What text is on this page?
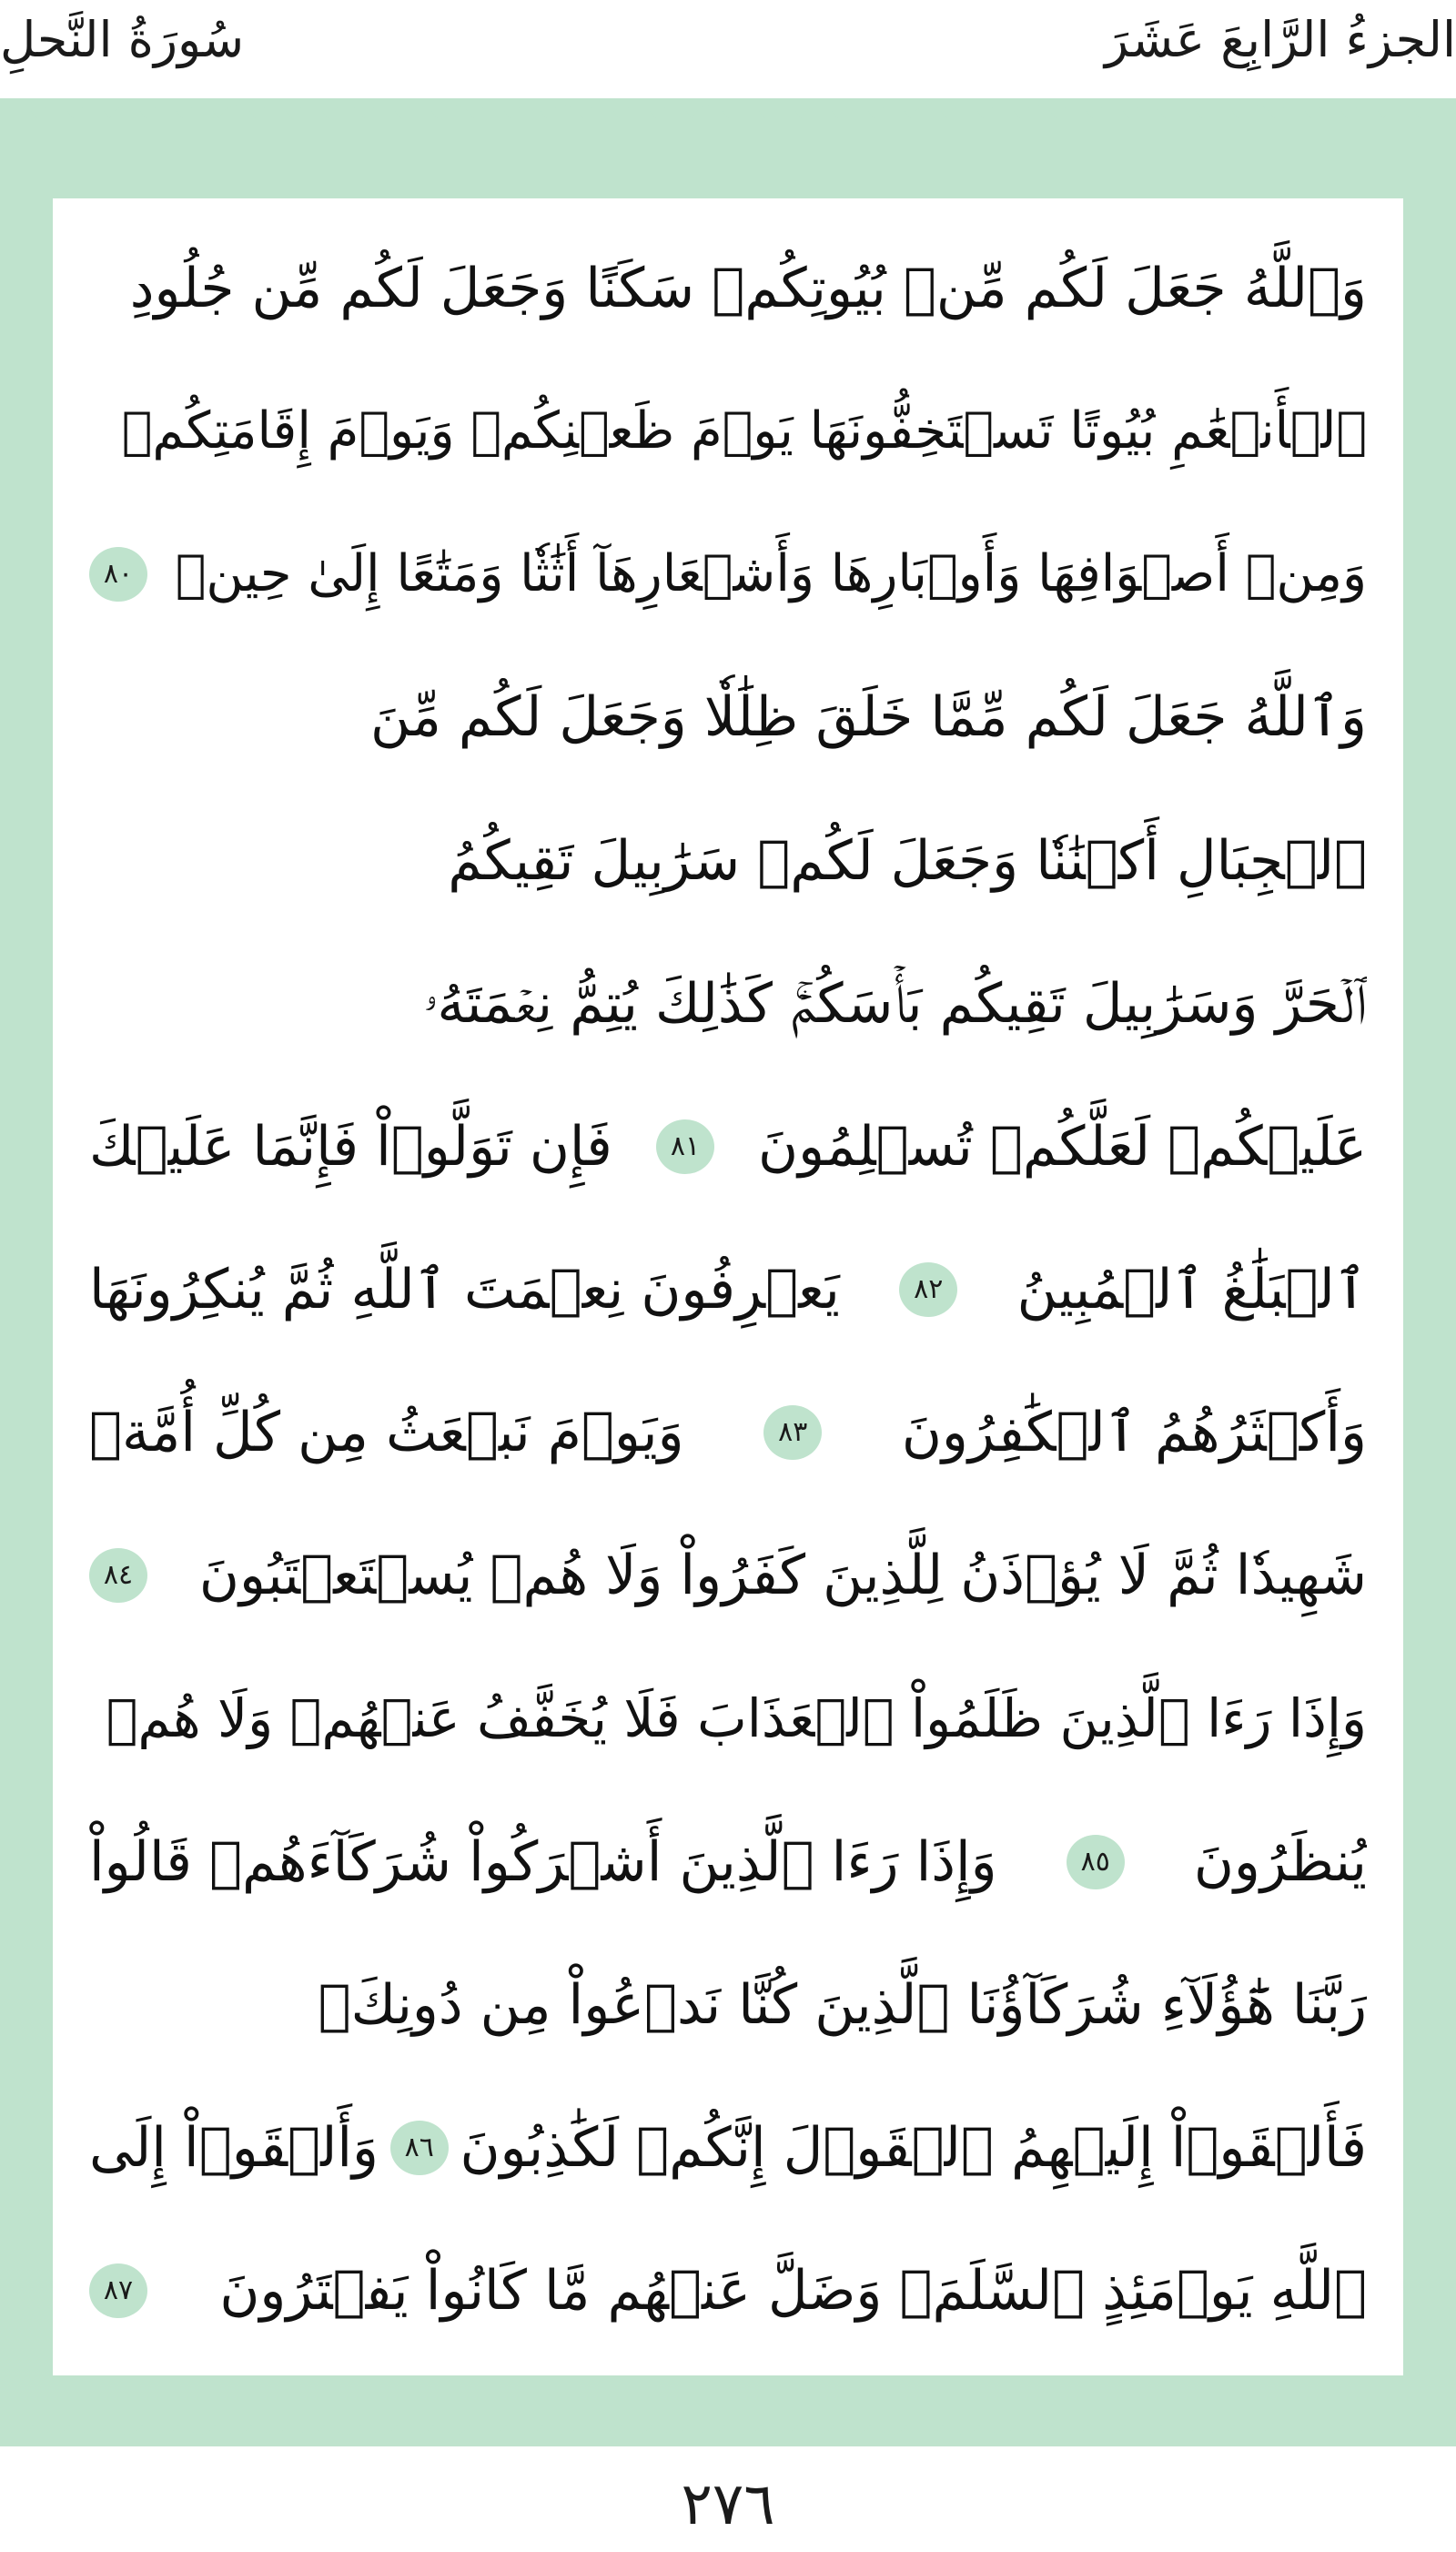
سُورَةُ النَّحلِ	الجزءُ الرَّابِعَ عَشَرَ
وَٱللَّهُ جَعَلَ لَكُم مِّنۢ بُيُوتِكُمۡ سَكَنًا وَجَعَلَ لَكُم مِّن جُلُودِ
ٱلۡأَنۡعَٰمِ بُيُوتًا تَسۡتَخِفُّونَهَا يَوۡمَ ظَعۡنِكُمۡ وَيَوۡمَ إِقَامَتِكُمۡ
وَمِنۡ أَصۡوَافِهَا وَأَوۡبَارِهَا وَأَشۡعَارِهَآ أَثَٰثٗا وَمَتَٰعًا إِلَىٰ حِينٖ
٨٠
وَٱللَّهُ جَعَلَ لَكُم مِّمَّا خَلَقَ ظِلَٰلٗا وَجَعَلَ لَكُم مِّنَ
ٱلۡجِبَالِ أَكۡنَٰنٗا وَجَعَلَ لَكُمۡ سَرَٰبِيلَ تَقِيكُمُ
ٱلۡحَرَّ وَسَرَٰبِيلَ تَقِيكُم بَأۡسَكُمۡۚ كَذَٰلِكَ يُتِمُّ نِعۡمَتَهُۥ
عَلَيۡكُمۡ لَعَلَّكُمۡ تُسۡلِمُونَ
٨١
فَإِن تَوَلَّوۡاْ فَإِنَّمَا عَلَيۡكَ
ٱلۡبَلَٰغُ ٱلۡمُبِينُ
٨٢
يَعۡرِفُونَ نِعۡمَتَ ٱللَّهِ ثُمَّ يُنكِرُونَهَا
وَأَكۡثَرُهُمُ ٱلۡكَٰفِرُونَ
٨٣
وَيَوۡمَ نَبۡعَثُ مِن كُلِّ أُمَّةٖ
شَهِيدٗا ثُمَّ لَا يُؤۡذَنُ لِلَّذِينَ كَفَرُواْ وَلَا هُمۡ يُسۡتَعۡتَبُونَ
٨٤
وَإِذَا رَءَا ٱلَّذِينَ ظَلَمُواْ ٱلۡعَذَابَ فَلَا يُخَفَّفُ عَنۡهُمۡ وَلَا هُمۡ
يُنظَرُونَ
٨٥
وَإِذَا رَءَا ٱلَّذِينَ أَشۡرَكُواْ شُرَكَآءَهُمۡ قَالُواْ
رَبَّنَا هَٰٓؤُلَآءِ شُرَكَآؤُنَا ٱلَّذِينَ كُنَّا نَدۡعُواْ مِن دُونِكَۖ
فَأَلۡقَوۡاْ إِلَيۡهِمُ ٱلۡقَوۡلَ إِنَّكُمۡ لَكَٰذِبُونَ
٨٦
وَأَلۡقَوۡاْ إِلَى
ٱللَّهِ يَوۡمَئِذٍ ٱلسَّلَمَۖ وَضَلَّ عَنۡهُم مَّا كَانُواْ يَفۡتَرُونَ
٨٧
٢٧٦
